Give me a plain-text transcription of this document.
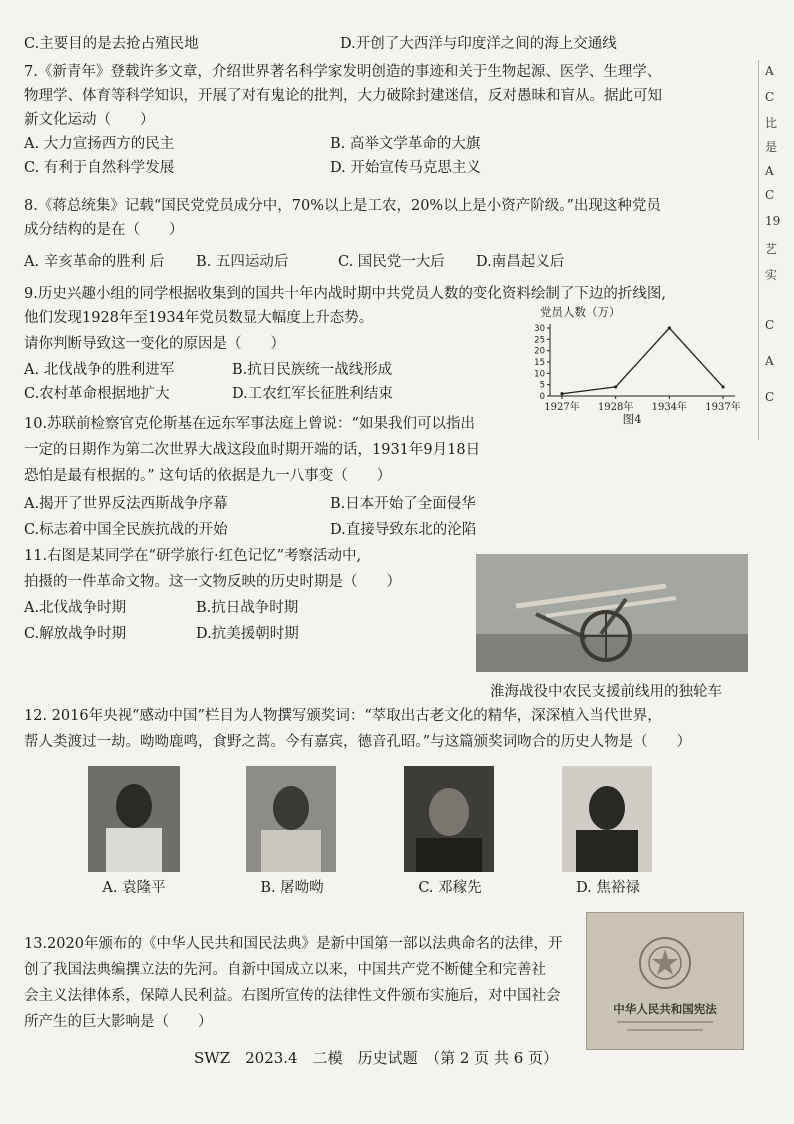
C.主要目的是去抢占殖民地	D.开创了大西洋与印度洋之间的海上交通线
7.《新青年》登载许多文章，介绍世界著名科学家发明创造的事迹和关于生物起源、医学、生理学、
物理学、体育等科学知识，开展了对有鬼论的批判，大力破除封建迷信，反对愚昧和盲从。据此可知
新文化运动（　　）
A. 大力宣扬西方的民主	B. 高举文学革命的大旗
C. 有利于自然科学发展	D. 开始宣传马克思主义
8.《蒋总统集》记载“国民党党员成分中，70%以上是工农，20%以上是小资产阶级。”出现这种党员
成分结构的是在（　　）
A. 辛亥革命的胜利 后 B. 五四运动后	C. 国民党一大后 D.南昌起义后
9.历史兴趣小组的同学根据收集到的国共十年内战时期中共党员人数的变化资料绘制了下边的折线图,
他们发现1928年至1934年党员数显大幅度上升态势。
请你判断导致这一变化的原因是（　　）
A. 北伐战争的胜利进军	B.抗日民族统一战线形成
C.农村革命根据地扩大	D.工农红军长征胜利结束
党员人数（万）
0
5
10
15
20
25
30
1927年 1928年 1934年 1937年
图4
10.苏联前检察官克伦斯基在远东军事法庭上曾说：“如果我们可以指出
一定的日期作为第二次世界大战这段血时期开端的话，1931年9月18日
恐怕是最有根据的。” 这句话的依据是九一八事变（　　）
A.揭开了世界反法西斯战争序幕	B.日本开始了全面侵华
C.标志着中国全民族抗战的开始	D.直接导致东北的沦陷
11.右图是某同学在“研学旅行·红色记忆”考察活动中,
拍摄的一件革命文物。这一文物反映的历史时期是（　　）
A.北伐战争时期	B.抗日战争时期
C.解放战争时期	D.抗美援朝时期
淮海战役中农民支援前线用的独轮车
12. 2016年央视“感动中国”栏目为人物撰写颁奖词：“萃取出古老文化的精华，深深植入当代世界，
帮人类渡过一劫。呦呦鹿鸣，食野之蒿。今有嘉宾，德音孔昭。”与这篇颁奖词吻合的历史人物是（　　）
A. 袁隆平	B. 屠呦呦	C. 邓稼先	D. 焦裕禄
13.2020年颁布的《中华人民共和国民法典》是新中国第一部以法典命名的法律，开
创了我国法典编撰立法的先河。自新中国成立以来，中国共产党不断健全和完善社
会主义法律体系，保障人民利益。右图所宣传的法律性文件颁布实施后，对中国社会
所产生的巨大影响是（　　）
中华人民共和国宪法
SWZ　2023.4　二模　历史试题　（第 2 页 共 6 页）
A
C
比
是
A
C
19
艺
实
C
A
C
